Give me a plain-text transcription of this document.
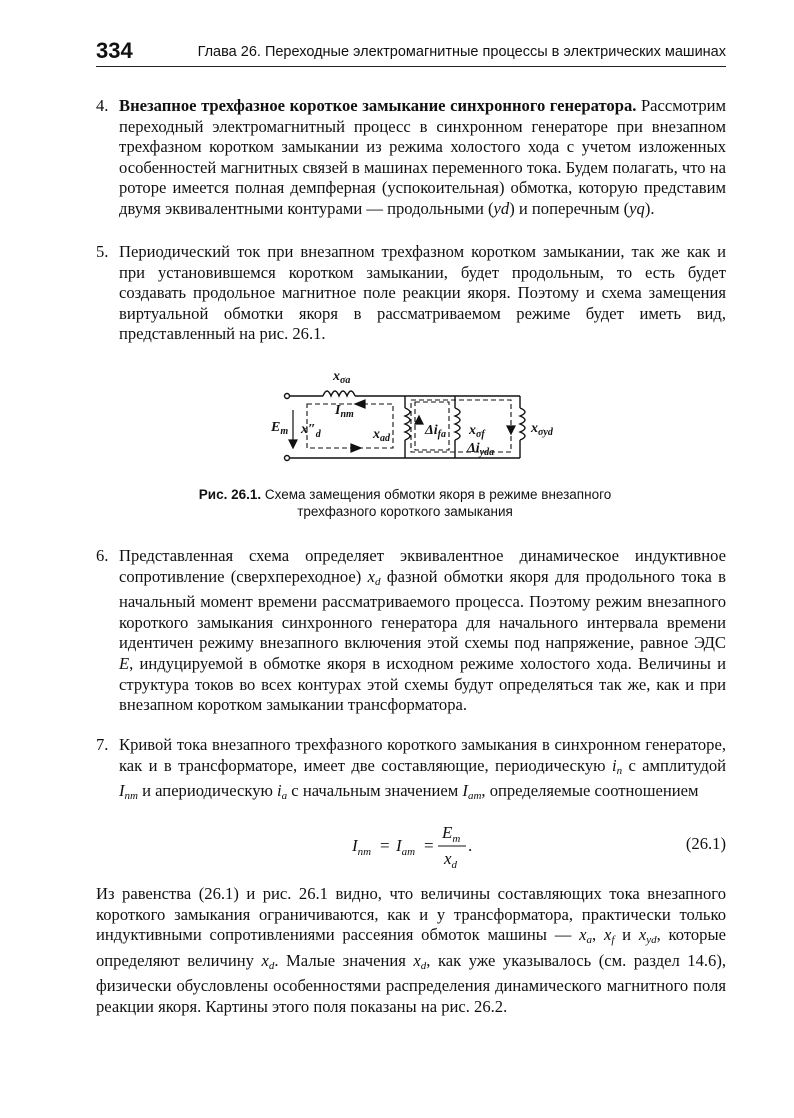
334	Глава 26. Переходные электромагнитные процессы в электрических машинах
4. Внезапное трехфазное короткое замыкание синхронного генератора. Рассмотрим переходный электромагнитный процесс в синхронном генераторе при внезапном трехфазном коротком замыкании из режима холостого хода с учетом изложенных особенностей магнитных связей в машинах переменного тока. Будем полагать, что на роторе имеется полная демпферная (успокоительная) обмотка, которую представим двумя эквивалентными контурами — продольными (yd) и поперечным (yq).
5. Периодический ток при внезапном трехфазном коротком замыкании, так же как и при установившемся коротком замыкании, будет продольным, то есть будет создавать продольное магнитное поле реакции якоря. Поэтому и схема замещения виртуальной обмотки якоря в рассматриваемом режиме будет иметь вид, представленный на рис. 26.1.
$x_{\sigma a}$
$I_{nm}$
$E_m$ $x''_d$	$x_{ad}$
$\Delta i_{fa}$ $x_{\sigma f}$
$\Delta i_{yda}$
$x_{\sigma yd}$
Рис. 26.1. Схема замещения обмотки якоря в режиме внезапного
трехфазного короткого замыкания
6. Представленная схема определяет эквивалентное динамическое индуктивное сопротивление (сверхпереходное) $x_d$ фазной обмотки якоря для продольного тока в начальный момент времени рассматриваемого процесса. Поэтому режим внезапного короткого замыкания синхронного генератора для начального интервала времени идентичен режиму внезапного включения этой схемы под напряжение, равное ЭДС E, индуцируемой в обмотке якоря в исходном режиме холостого хода. Величины и структура токов во всех контурах этой схемы будут определяться так же, как и при внезапном коротком замыкании трансформатора.
7. Кривой тока внезапного трехфазного короткого замыкания в синхронном генераторе, как и в трансформаторе, имеет две составляющие, периодическую $i_n$ с амплитудой $I_{nm}$ и апериодическую $i_a$ с начальным значением $I_{am}$, определяемые соотношением
$I_{nm} = I_{am}$ =
$E_m$
$x_d$
.	(26.1)
Из равенства (26.1) и рис. 26.1 видно, что величины составляющих тока внезапного короткого замыкания ограничиваются, как и у трансформатора, практически только индуктивными сопротивлениями рассеяния обмоток машины — $x_a$, $x_f$ и $x_{yd}$, которые определяют величину $x_d$. Малые значения $x_d$, как уже указывалось (см. раздел 14.6), физически обусловлены особенностями распределения динамического магнитного поля реакции якоря. Картины этого поля показаны на рис. 26.2.
